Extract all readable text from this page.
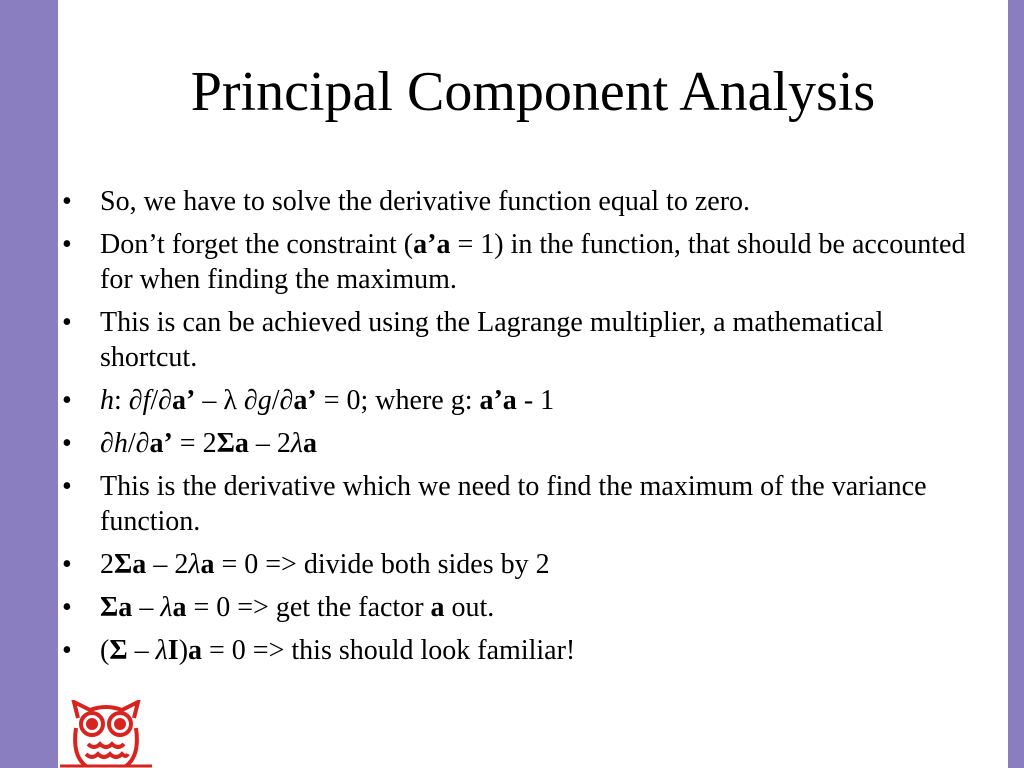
Principal Component Analysis
• So, we have to solve the derivative function equal to zero.
• Don’t forget the constraint (a’a = 1) in the function, that should be accounted for when finding the maximum.
• This is can be achieved using the Lagrange multiplier, a mathematical shortcut.
• h: ∂f/∂a’ – λ ∂g/∂a’ = 0; where g: a’a - 1
• ∂h/∂a’ = 2Σa – 2λa
• This is the derivative which we need to find the maximum of the variance function.
• 2Σa – 2λa = 0 => divide both sides by 2
• Σa – λa = 0 => get the factor a out.
• (Σ – λI)a = 0 => this should look familiar!
